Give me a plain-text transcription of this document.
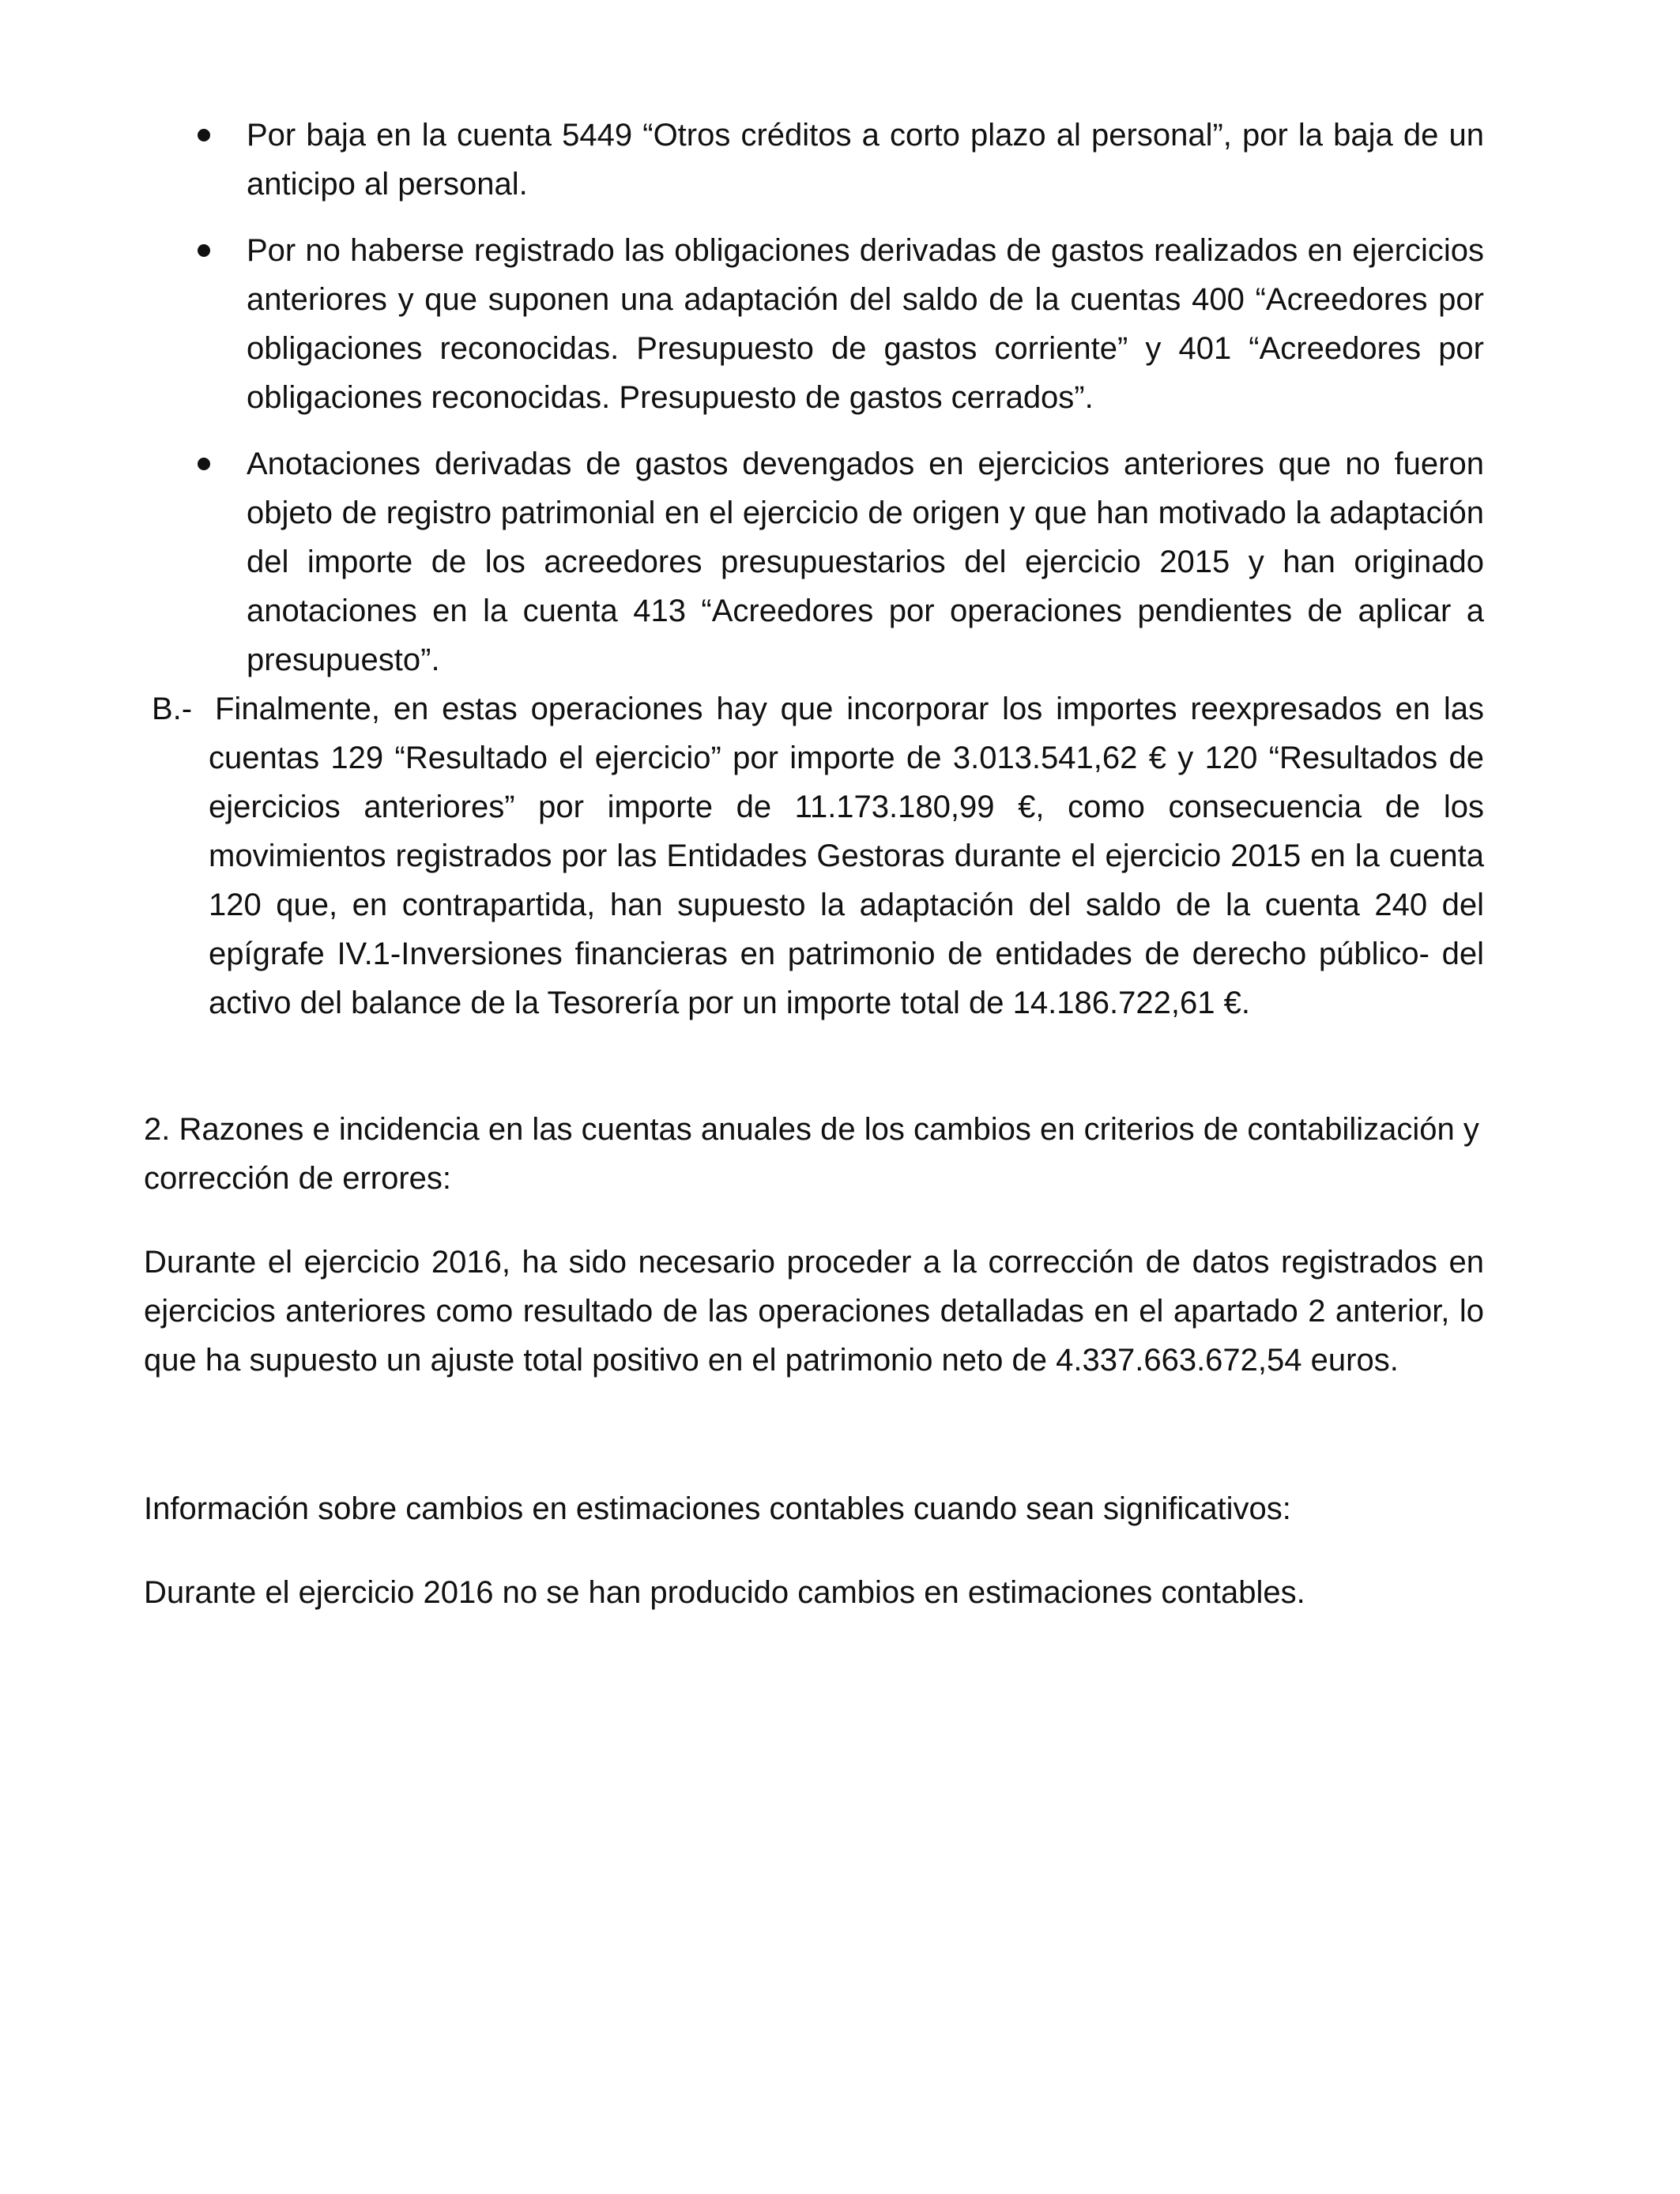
Por baja en la cuenta 5449 “Otros créditos a corto plazo al personal”, por la baja de un anticipo al personal.
Por no haberse registrado las obligaciones derivadas de gastos realizados en ejercicios anteriores y que suponen una adaptación del saldo de la cuentas 400 “Acreedores por obligaciones reconocidas. Presupuesto de gastos corriente” y 401 “Acreedores por obligaciones reconocidas. Presupuesto de gastos cerrados”.
Anotaciones derivadas de gastos devengados en ejercicios anteriores que no fueron objeto de registro patrimonial en el ejercicio de origen y que han motivado la adaptación del importe de los acreedores presupuestarios del ejercicio 2015 y han originado anotaciones en la cuenta 413 “Acreedores por operaciones pendientes de aplicar a presupuesto”.
B.- Finalmente, en estas operaciones hay que incorporar los importes reexpresados en las cuentas 129 “Resultado el ejercicio” por importe de 3.013.541,62 € y 120 “Resultados de ejercicios anteriores” por importe de 11.173.180,99 €, como consecuencia de los movimientos registrados por las Entidades Gestoras durante el ejercicio 2015 en la cuenta 120 que, en contrapartida, han supuesto la adaptación del saldo de la cuenta 240 del epígrafe IV.1-Inversiones financieras en patrimonio de entidades de derecho público- del activo del balance de la Tesorería por un importe total de 14.186.722,61 €.
2. Razones e incidencia en las cuentas anuales de los cambios en criterios de contabilización y corrección de errores:
Durante el ejercicio 2016, ha sido necesario proceder a la corrección de datos registrados en ejercicios anteriores como resultado de las operaciones detalladas en el apartado 2 anterior, lo que ha supuesto un ajuste total positivo en el patrimonio neto de 4.337.663.672,54 euros.
Información sobre cambios en estimaciones contables cuando sean significativos:
Durante el ejercicio 2016 no se han producido cambios en estimaciones contables.
